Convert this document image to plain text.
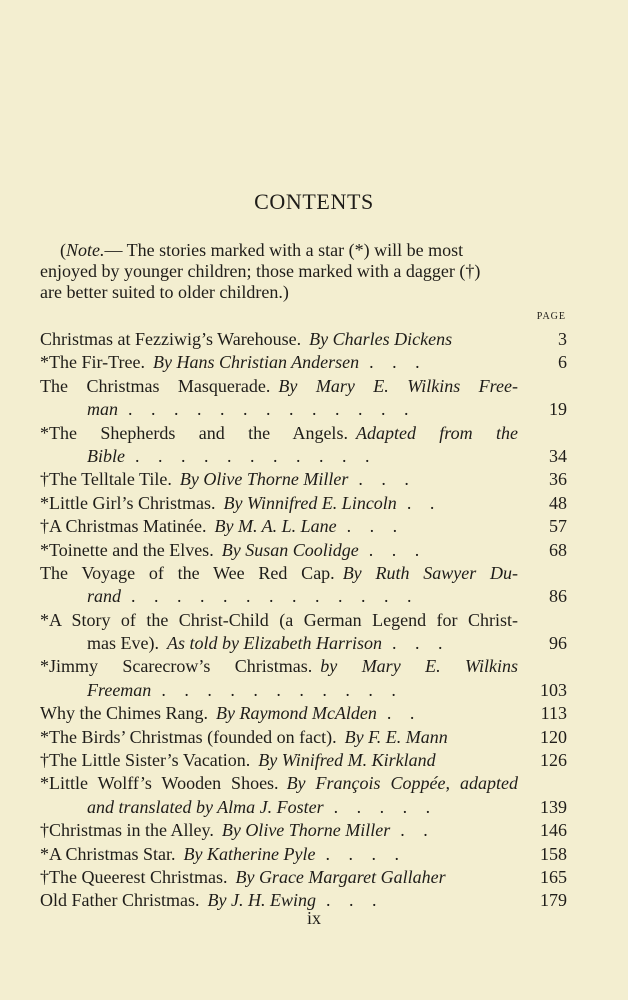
CONTENTS
(Note.— The stories marked with a star (*) will be most
enjoyed by younger children; those marked with a dagger (†)
are better suited to older children.)
PAGE
Christmas at Fezziwig’s Warehouse. By Charles Dickens	3
*The Fir-Tree. By Hans Christian Andersen . . .	6
The Christmas Masquerade. By Mary E. Wilkins Free-
man . . . . . . . . . . . . .	19
*The Shepherds and the Angels. Adapted from the
Bible . . . . . . . . . . .	34
†The Telltale Tile. By Olive Thorne Miller . . .	36
*Little Girl’s Christmas. By Winnifred E. Lincoln . .	48
†A Christmas Matinée. By M. A. L. Lane . . .	57
*Toinette and the Elves. By Susan Coolidge . . .	68
The Voyage of the Wee Red Cap. By Ruth Sawyer Du-
rand . . . . . . . . . . . . .	86
*A Story of the Christ-Child (a German Legend for Christ-
mas Eve). As told by Elizabeth Harrison . . .	96
*Jimmy Scarecrow’s Christmas. by Mary E. Wilkins
Freeman . . . . . . . . . . .	103
Why the Chimes Rang. By Raymond McAlden . .	113
*The Birds’ Christmas (founded on fact). By F. E. Mann	120
†The Little Sister’s Vacation. By Winifred M. Kirkland	126
*Little Wolff’s Wooden Shoes. By François Coppée, adapted
and translated by Alma J. Foster . . . . .	139
†Christmas in the Alley. By Olive Thorne Miller . .	146
*A Christmas Star. By Katherine Pyle . . . .	158
†The Queerest Christmas. By Grace Margaret Gallaher	165
Old Father Christmas. By J. H. Ewing . . .	179
ix
